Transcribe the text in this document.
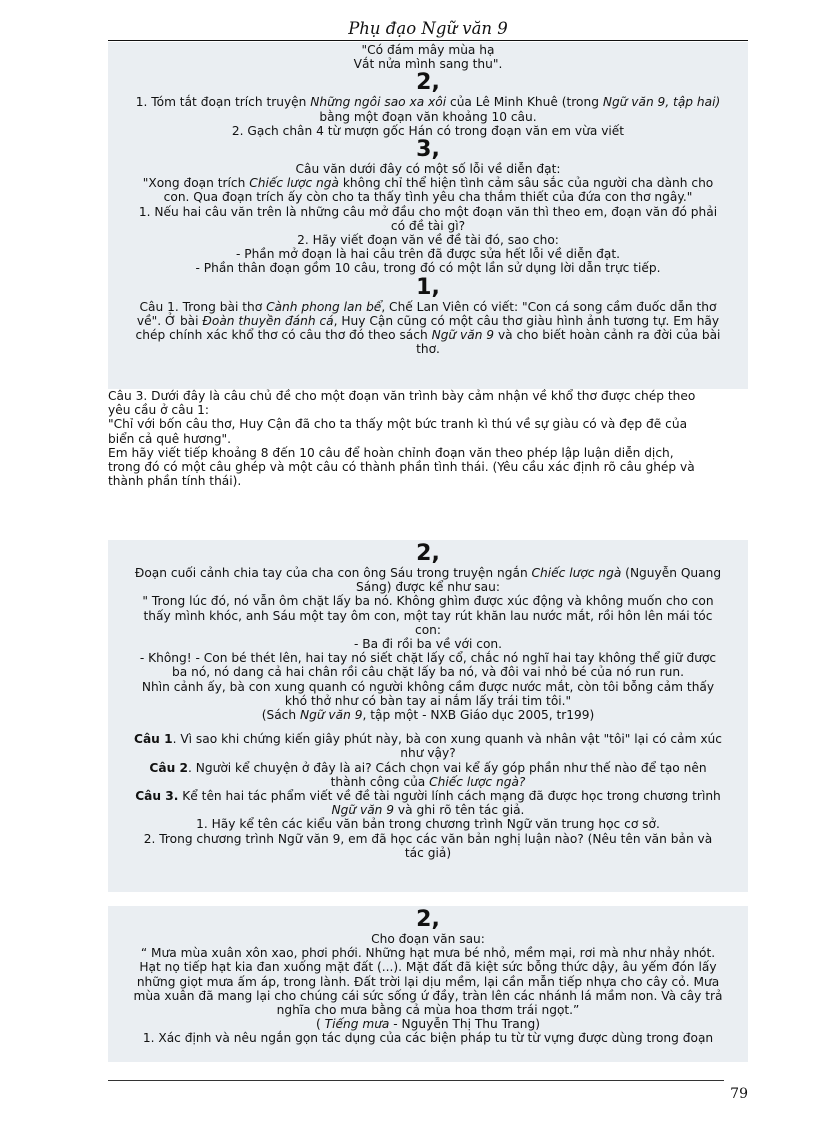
Phụ đạo Ngữ văn 9

"Có đám mây mùa hạ

Vắt nửa mình sang thu".

2,

1. Tóm tắt đoạn trích truyện Những ngôi sao xa xôi của Lê Minh Khuê (trong Ngữ văn 9, tập hai)

bằng một đoạn văn khoảng 10 câu.

2. Gạch chân 4 từ mượn gốc Hán có trong đoạn văn em vừa viết

3,

Câu văn dưới đây có một số lỗi về diễn đạt:

"Xong đoạn trích Chiếc lược ngà không chỉ thể hiện tình cảm sâu sắc của người cha dành cho

con. Qua đoạn trích ấy còn cho ta thấy tình yêu cha thắm thiết của đứa con thơ ngây."

1. Nếu hai câu văn trên là những câu mở đầu cho một đoạn văn thì theo em, đoạn văn đó phải

có đề tài gì?

2. Hãy viết đoạn văn về đề tài đó, sao cho:

- Phần mở đoạn là hai câu trên đã được sửa hết lỗi về diễn đạt.

- Phần thân đoạn gồm 10 câu, trong đó có một lần sử dụng lời dẫn trực tiếp.

1,

Câu 1. Trong bài thơ Cành phong lan bể, Chế Lan Viên có viết: "Con cá song cầm đuốc dẫn thơ

về". Ở bài Đoàn thuyền đánh cá, Huy Cận cũng có một câu thơ giàu hình ảnh tương tự. Em hãy

chép chính xác khổ thơ có câu thơ đó theo sách Ngữ văn 9 và cho biết hoàn cảnh ra đời của bài

thơ.

Câu 3. Dưới đây là câu chủ đề cho một đoạn văn trình bày cảm nhận về khổ thơ được chép theo

yêu cầu ở câu 1:

"Chỉ với bốn câu thơ, Huy Cận đã cho ta thấy một bức tranh kì thú về sự giàu có và đẹp đẽ của

biển cả quê hương".

Em hãy viết tiếp khoảng 8 đến 10 câu để hoàn chỉnh đoạn văn theo phép lập luận diễn dịch,

trong đó có một câu ghép và một câu có thành phần tình thái. (Yêu cầu xác định rõ câu ghép và

thành phần tính thái).

2,

Đoạn cuối cảnh chia tay của cha con ông Sáu trong truyện ngắn Chiếc lược ngà (Nguyễn Quang

Sáng) được kể như sau:

" Trong lúc đó, nó vẫn ôm chặt lấy ba nó. Không ghìm được xúc động và không muốn cho con

thấy mình khóc, anh Sáu một tay ôm con, một tay rút khăn lau nước mắt, rồi hôn lên mái tóc

con:

- Ba đi rồi ba về với con.

- Không! - Con bé thét lên, hai tay nó siết chặt lấy cổ, chắc nó nghĩ hai tay không thể giữ được

ba nó, nó dang cả hai chân rồi câu chặt lấy ba nó, và đôi vai nhỏ bé của nó run run.

Nhìn cảnh ấy, bà con xung quanh có người không cầm được nước mắt, còn tôi bỗng cảm thấy

khó thở như có bàn tay ai nắm lấy trái tim tôi."

(Sách Ngữ văn 9, tập một - NXB Giáo dục 2005, tr199)

Câu 1. Vì sao khi chứng kiến giây phút này, bà con xung quanh và nhân vật "tôi" lại có cảm xúc

như vậy?

Câu 2. Người kể chuyện ở đây là ai? Cách chọn vai kể ấy góp phần như thế nào để tạo nên

thành công của Chiếc lược ngà?

Câu 3. Kể tên hai tác phẩm viết về đề tài người lính cách mạng đã được học trong chương trình

Ngữ văn 9 và ghi rõ tên tác giả.

1. Hãy kể tên các kiểu văn bản trong chương trình Ngữ văn trung học cơ sở.

2. Trong chương trình Ngữ văn 9, em đã học các văn bản nghị luận nào? (Nêu tên văn bản và

tác giả)

2,

Cho đoạn văn sau:

“ Mưa mùa xuân xôn xao, phơi phới. Những hạt mưa bé nhỏ, mềm mại, rơi mà như nhảy nhót.

Hạt nọ tiếp hạt kia đan xuống mặt đất (...). Mặt đất đã kiệt sức bỗng thức dậy, âu yếm đón lấy

những giọt mưa ấm áp, trong lành. Đất trời lại dịu mềm, lại cần mẫn tiếp nhựa cho cây cỏ. Mưa

mùa xuân đã mang lại cho chúng cái sức sống ứ đầy, tràn lên các nhánh lá mầm non. Và cây trả

nghĩa cho mưa bằng cả mùa hoa thơm trái ngọt.”

( Tiếng mưa - Nguyễn Thị Thu Trang)

1. Xác định và nêu ngắn gọn tác dụng của các biện pháp tu từ từ vựng được dùng trong đoạn

79
